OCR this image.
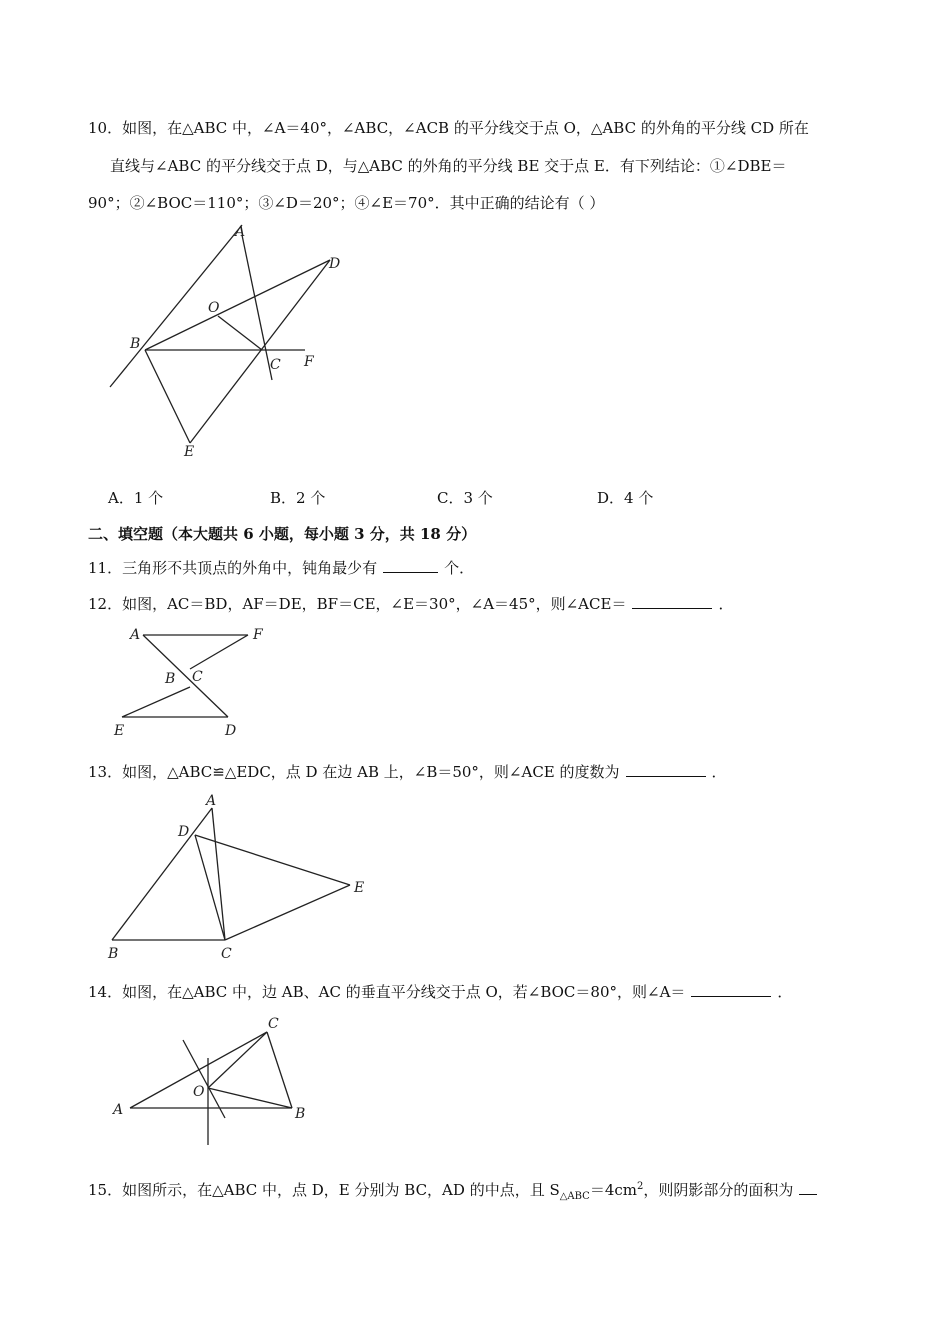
10．如图，在△ABC 中，∠A＝40°，∠ABC，∠ACB 的平分线交于点 O，△ABC 的外角的平分线 CD 所在
直线与∠ABC 的平分线交于点 D，与△ABC 的外角的平分线 BE 交于点 E．有下列结论：①∠DBE＝
90°；②∠BOC＝110°；③∠D＝20°；④∠E＝70°．其中正确的结论有（ ）
A
D
O
B
C F
E
A．1 个	B．2 个	C．3 个	D．4 个
二、填空题（本大题共 6 小题，每小题 3 分，共 18 分）
11．三角形不共顶点的外角中，钝角最少有	个．
12．如图，AC＝BD，AF＝DE，BF＝CE，∠E＝30°，∠A＝45°，则∠ACE＝	．
A	F
B C
E	D
13．如图，△ABC≌△EDC，点 D 在边 AB 上，∠B＝50°，则∠ACE 的度数为	．
A
D
E
B	C
14．如图，在△ABC 中，边 AB、AC 的垂直平分线交于点 O，若∠BOC＝80°，则∠A＝	．
C
O
A	B
15．如图所示，在△ABC 中，点 D，E 分别为 BC，AD 的中点，且 $S_{\triangle ABC}=4cm^2$，则阴影部分的面积为
